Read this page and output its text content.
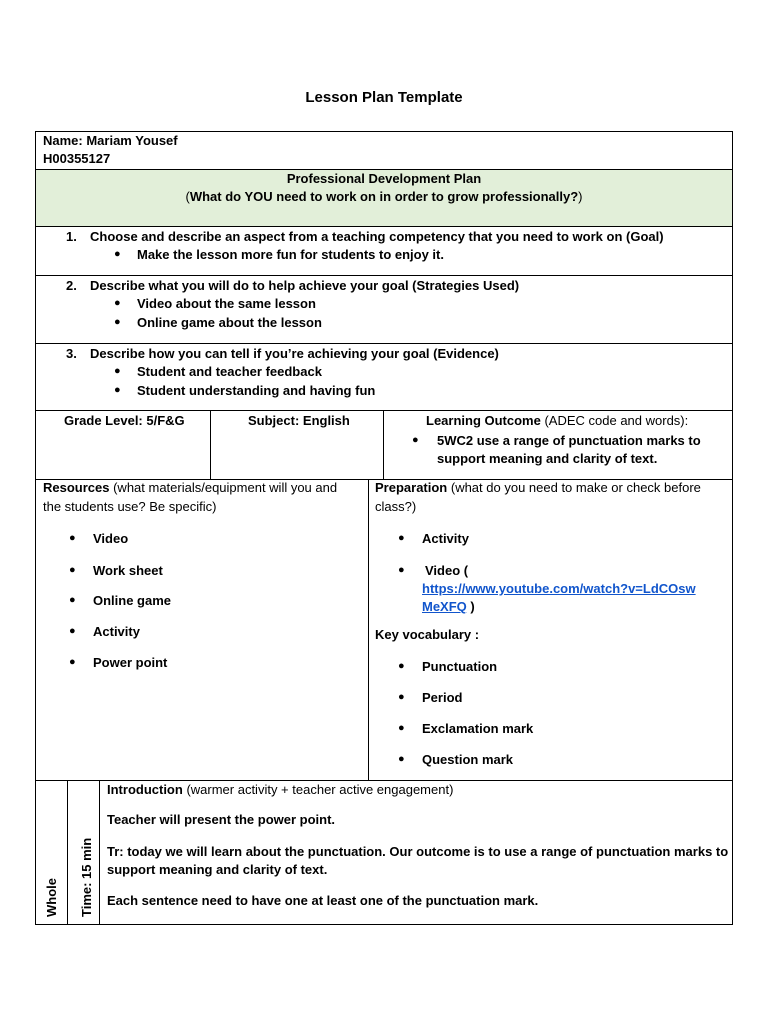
Lesson Plan Template
Name: Mariam Yousef
H00355127
Professional Development Plan
(What do YOU need to work on in order to grow professionally?)
1. Choose and describe an aspect from a teaching competency that you need to work on (Goal)
● Make the lesson more fun for students to enjoy it.
2. Describe what you will do to help achieve your goal (Strategies Used)
● Video about the same lesson
● Online game about the lesson
3. Describe how you can tell if you’re achieving your goal (Evidence)
● Student and teacher feedback
● Student understanding and having fun
Grade Level: 5/F&G	Subject: English	Learning Outcome (ADEC code and words):
● 5WC2 use a range of punctuation marks to
support meaning and clarity of text.
Resources (what materials/equipment will you and
the students use? Be specific)
● Video
● Work sheet
● Online game
● Activity
● Power point
Preparation (what do you need to make or check before
class?)
● Activity
● Video (
https://www.youtube.com/watch?v=LdCOsw
MeXFQ )
Key vocabulary :
● Punctuation
● Period
● Exclamation mark
● Question mark
Whole Time: 15 min
Introduction (warmer activity + teacher active engagement)
Teacher will present the power point.
Tr: today we will learn about the punctuation. Our outcome is to use a range of punctuation marks to
support meaning and clarity of text.
Each sentence need to have one at least one of the punctuation mark.
